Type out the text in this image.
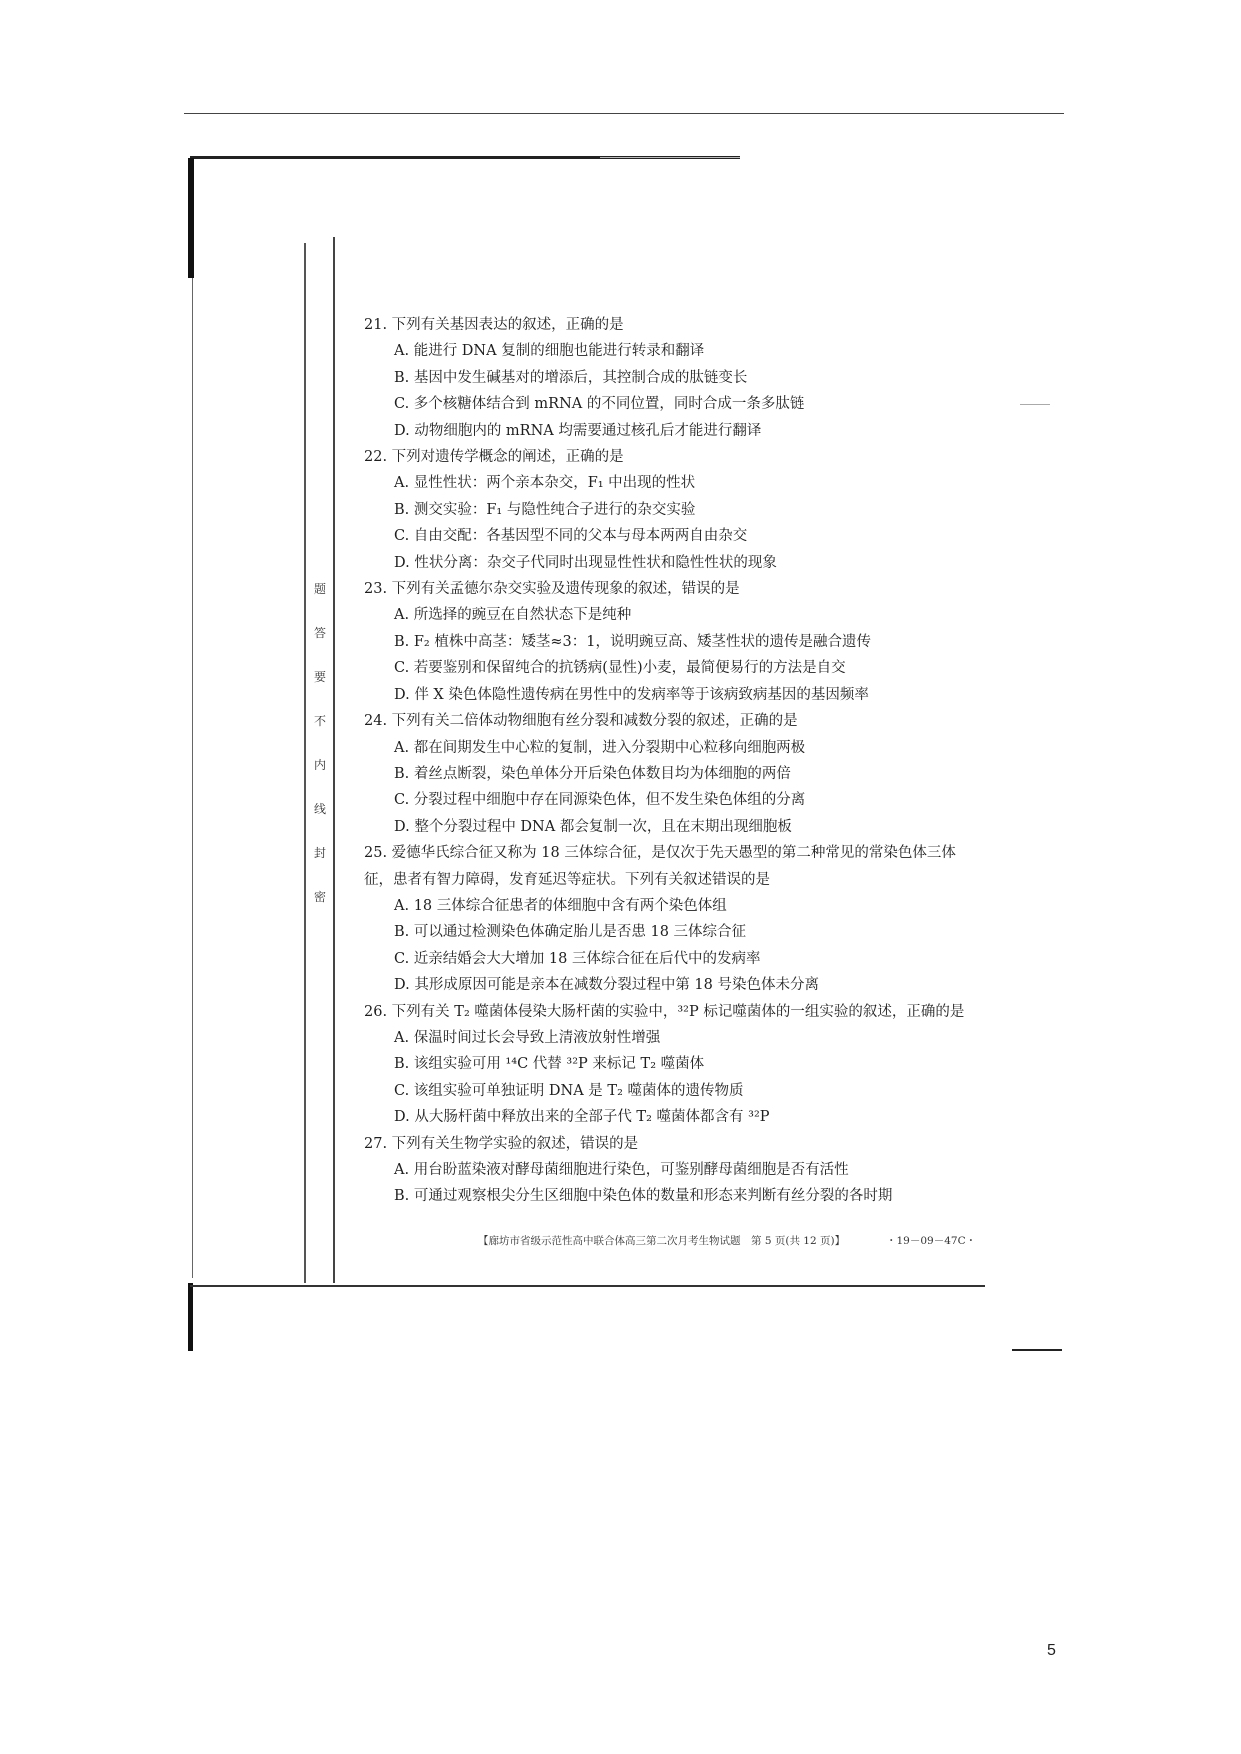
题
答
要
不
内
线
封
密
21. 下列有关基因表达的叙述，正确的是
A. 能进行 DNA 复制的细胞也能进行转录和翻译
B. 基因中发生碱基对的增添后，其控制合成的肽链变长
C. 多个核糖体结合到 mRNA 的不同位置，同时合成一条多肽链
D. 动物细胞内的 mRNA 均需要通过核孔后才能进行翻译
22. 下列对遗传学概念的阐述，正确的是
A. 显性性状：两个亲本杂交，F₁ 中出现的性状
B. 测交实验：F₁ 与隐性纯合子进行的杂交实验
C. 自由交配：各基因型不同的父本与母本两两自由杂交
D. 性状分离：杂交子代同时出现显性性状和隐性性状的现象
23. 下列有关孟德尔杂交实验及遗传现象的叙述，错误的是
A. 所选择的豌豆在自然状态下是纯种
B. F₂ 植株中高茎：矮茎≈3：1，说明豌豆高、矮茎性状的遗传是融合遗传
C. 若要鉴别和保留纯合的抗锈病(显性)小麦，最简便易行的方法是自交
D. 伴 X 染色体隐性遗传病在男性中的发病率等于该病致病基因的基因频率
24. 下列有关二倍体动物细胞有丝分裂和减数分裂的叙述，正确的是
A. 都在间期发生中心粒的复制，进入分裂期中心粒移向细胞两极
B. 着丝点断裂，染色单体分开后染色体数目均为体细胞的两倍
C. 分裂过程中细胞中存在同源染色体，但不发生染色体组的分离
D. 整个分裂过程中 DNA 都会复制一次，且在末期出现细胞板
25. 爱德华氏综合征又称为 18 三体综合征，是仅次于先天愚型的第二种常见的常染色体三体征，患者有智力障碍，发育延迟等症状。下列有关叙述错误的是
A. 18 三体综合征患者的体细胞中含有两个染色体组
B. 可以通过检测染色体确定胎儿是否患 18 三体综合征
C. 近亲结婚会大大增加 18 三体综合征在后代中的发病率
D. 其形成原因可能是亲本在减数分裂过程中第 18 号染色体未分离
26. 下列有关 T₂ 噬菌体侵染大肠杆菌的实验中，³²P 标记噬菌体的一组实验的叙述，正确的是
A. 保温时间过长会导致上清液放射性增强
B. 该组实验可用 ¹⁴C 代替 ³²P 来标记 T₂ 噬菌体
C. 该组实验可单独证明 DNA 是 T₂ 噬菌体的遗传物质
D. 从大肠杆菌中释放出来的全部子代 T₂ 噬菌体都含有 ³²P
27. 下列有关生物学实验的叙述，错误的是
A. 用台盼蓝染液对酵母菌细胞进行染色，可鉴别酵母菌细胞是否有活性
B. 可通过观察根尖分生区细胞中染色体的数量和形态来判断有丝分裂的各时期
【廊坊市省级示范性高中联合体高三第二次月考生物试题　第 5 页(共 12 页)】	・19－09－47C・
5
